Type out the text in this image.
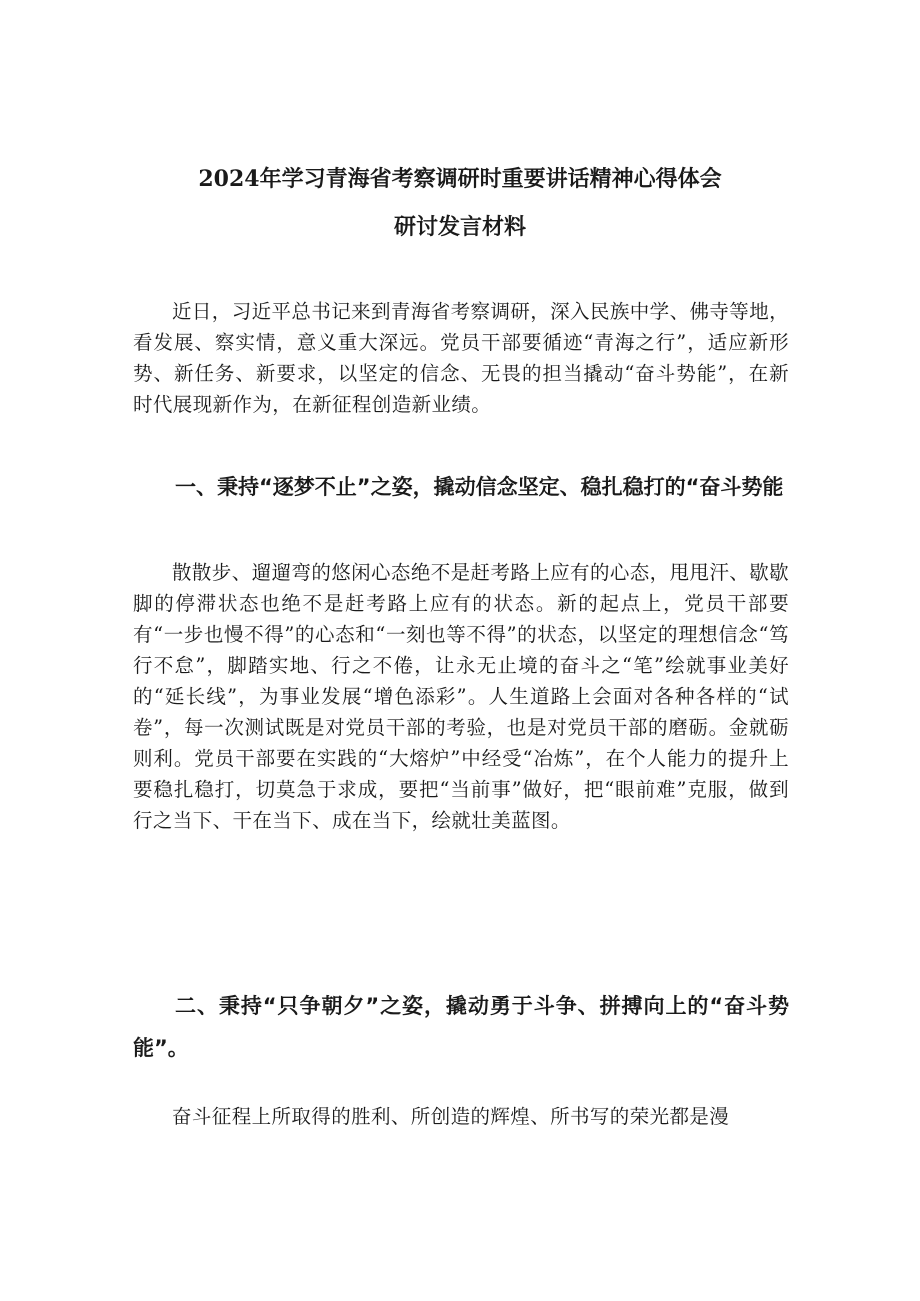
2024年学习青海省考察调研时重要讲话精神心得体会
研讨发言材料

近日，习近平总书记来到青海省考察调研，深入民族中学、佛寺等地，看发展、察实情，意义重大深远。党员干部要循迹“青海之行”，适应新形势、新任务、新要求，以坚定的信念、无畏的担当撬动“奋斗势能”，在新时代展现新作为，在新征程创造新业绩。

一、秉持“逐梦不止”之姿，撬动信念坚定、稳扎稳打的“奋斗势能

散散步、遛遛弯的悠闲心态绝不是赶考路上应有的心态，甩甩汗、歇歇脚的停滞状态也绝不是赶考路上应有的状态。新的起点上，党员干部要有“一步也慢不得”的心态和“一刻也等不得”的状态，以坚定的理想信念“笃行不怠”，脚踏实地、行之不倦，让永无止境的奋斗之“笔”绘就事业美好的“延长线”，为事业发展“增色添彩”。人生道路上会面对各种各样的“试卷”，每一次测试既是对党员干部的考验，也是对党员干部的磨砺。金就砺则利。党员干部要在实践的“大熔炉”中经受“冶炼”，在个人能力的提升上要稳扎稳打，切莫急于求成，要把“当前事”做好，把“眼前难”克服，做到行之当下、干在当下、成在当下，绘就壮美蓝图。

二、秉持“只争朝夕”之姿，撬动勇于斗争、拼搏向上的“奋斗势能”。

奋斗征程上所取得的胜利、所创造的辉煌、所书写的荣光都是漫
